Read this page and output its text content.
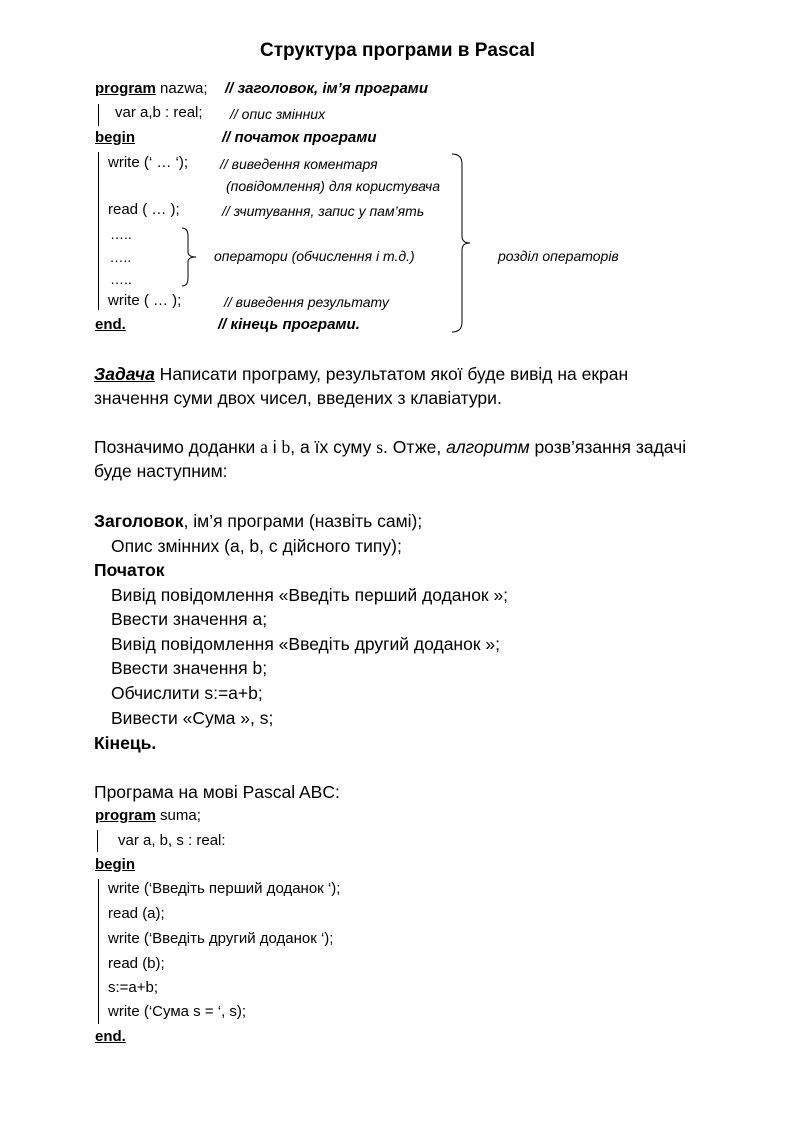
Структура програми в Pascal
program nazwa; // заголовок, ім’я програми
var a,b : real; // опис змінних
begin	// початок програми
write (‘ … ‘); // виведення коментаря
(повідомлення) для користувача
read ( … );	// зчитування, запис у пам’ять
…..
…..
…..
оператори (обчислення і т.д.)	розділ операторів
write ( … );	// виведення результату
end.	// кінець програми.
Задача Написати програму, результатом якої буде вивід на екран
значення суми двох чисел, введених з клавіатури.
Позначимо доданки a і b, а їх суму s. Отже, алгоритм розв’язання задачі
буде наступним:
Заголовок, ім’я програми (назвіть самі);
Опис змінних (a, b, c дійсного типу);
Початок
Вивід повідомлення «Введіть перший доданок »;
Ввести значення а;
Вивід повідомлення «Введіть другий доданок »;
Ввести значення b;
Обчислити s:=a+b;
Вивести «Сума », s;
Кінець.
Програма на мові Pascal ABC:
program suma;
var a, b, s : real:
begin
write (‘Введіть перший доданок ‘);
read (а);
write (‘Введіть другий доданок ‘);
read (b);
s:=a+b;
write (‘Сума s = ‘, s);
end.
